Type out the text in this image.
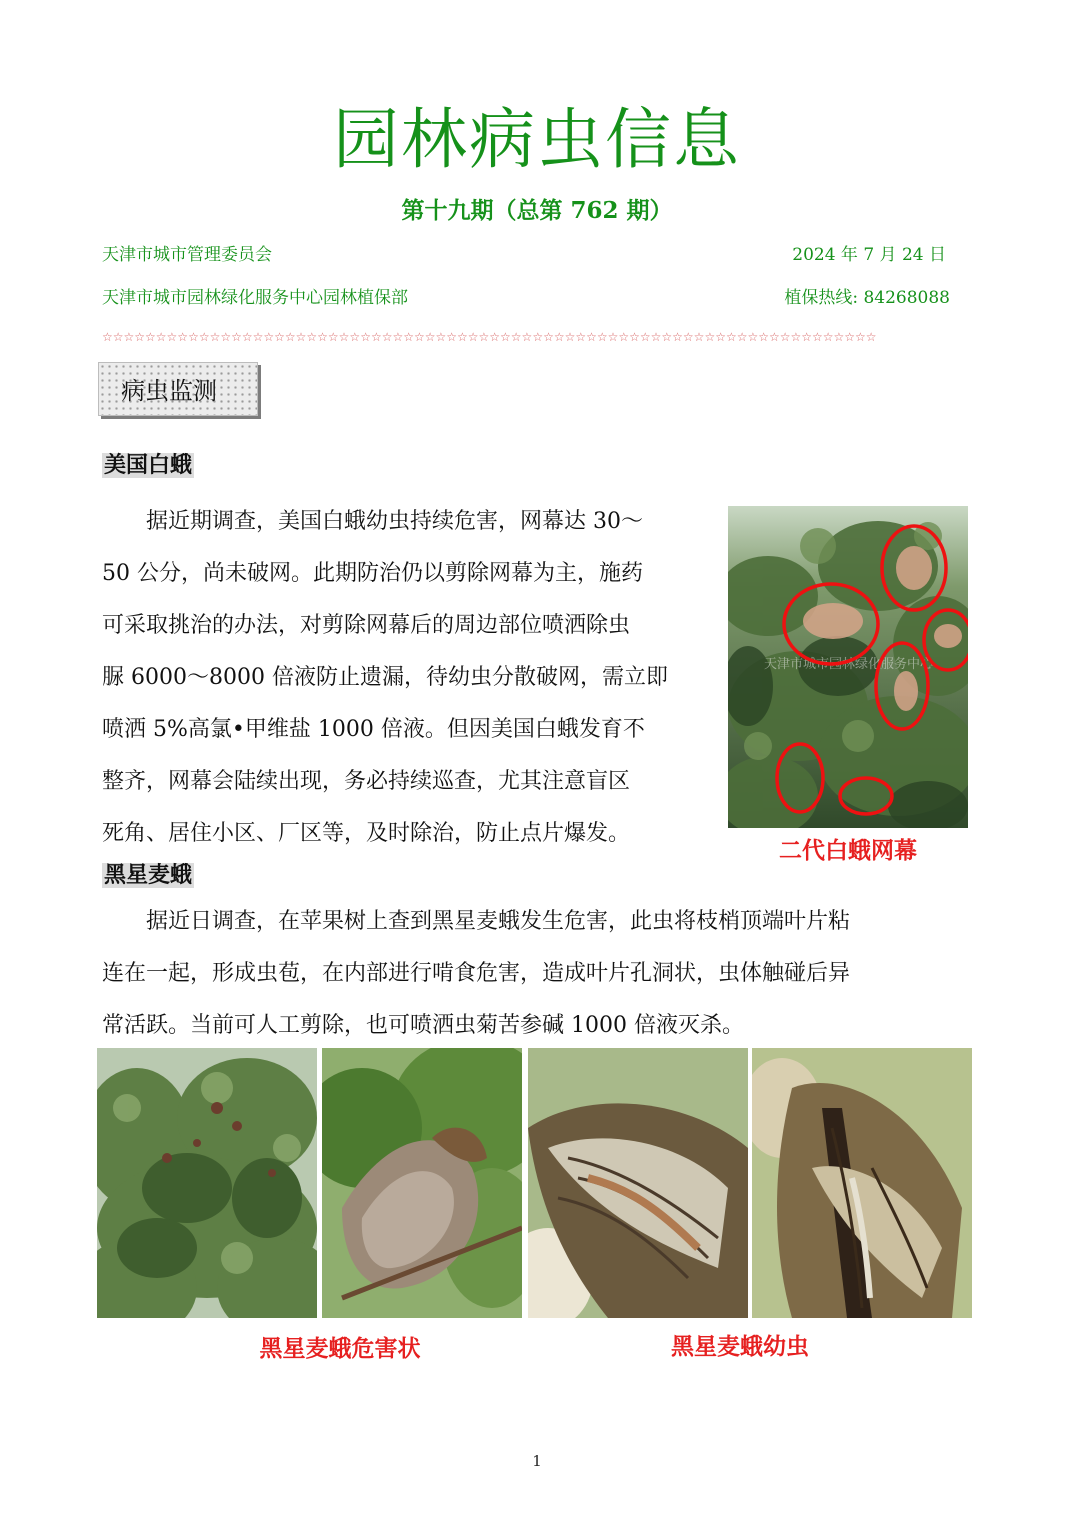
园林病虫信息
第十九期（总第 762 期）
天津市城市管理委员会	2024 年 7 月 24 日
天津市城市园林绿化服务中心园林植保部	植保热线: 84268088
☆☆☆☆☆☆☆☆☆☆☆☆☆☆☆☆☆☆☆☆☆☆☆☆☆☆☆☆☆☆☆☆☆☆☆☆☆☆☆☆☆☆☆☆☆☆☆☆☆☆☆☆☆☆☆☆☆☆☆☆☆☆☆☆☆☆☆☆☆☆☆☆
病虫监测
美国白蛾
　　据近期调查，美国白蛾幼虫持续危害，网幕达 30～
50 公分，尚未破网。此期防治仍以剪除网幕为主，施药
可采取挑治的办法，对剪除网幕后的周边部位喷洒除虫
脲 6000～8000 倍液防止遗漏，待幼虫分散破网，需立即
喷洒 5%高氯•甲维盐 1000 倍液。但因美国白蛾发育不
整齐，网幕会陆续出现，务必持续巡查，尤其注意盲区
死角、居住小区、厂区等，及时除治，防止点片爆发。
天津市城市园林绿化服务中心
二代白蛾网幕
黑星麦蛾
　　据近日调查，在苹果树上查到黑星麦蛾发生危害，此虫将枝梢顶端叶片粘
连在一起，形成虫苞，在内部进行啃食危害，造成叶片孔洞状，虫体触碰后异
常活跃。当前可人工剪除，也可喷洒虫菊苦参碱 1000 倍液灭杀。
黑星麦蛾危害状	黑星麦蛾幼虫
1
